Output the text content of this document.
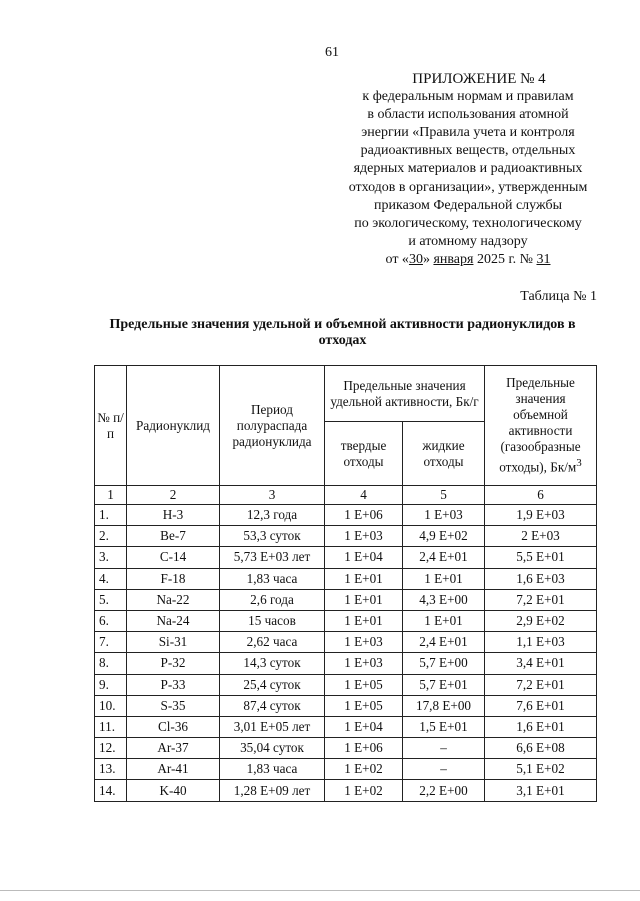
61
ПРИЛОЖЕНИЕ № 4
к федеральным нормам и правилам
в области использования атомной
энергии «Правила учета и контроля
радиоактивных веществ, отдельных
ядерных материалов и радиоактивных
отходов в организации», утвержденным
приказом Федеральной службы
по экологическому, технологическому
и атомному надзору
от «30» января 2025 г. № 31
Таблица № 1
Предельные значения удельной и объемной активности радионуклидов в отходах
№ п/п	Радионуклид	Период полураспада радионуклида	Предельные значения удельной активности, Бк/г		Предельные значения объемной активности (газообразные отходы), $Бк/м^3$
			твердые отходы	жидкие отходы	
1	2	3	4	5	6
1.	H-3	12,3 года	1 Е+06	1 Е+03	1,9 Е+03
2.	Be-7	53,3 суток	1 Е+03	4,9 Е+02	2 Е+03
3.	C-14	5,73 Е+03 лет	1 Е+04	2,4 Е+01	5,5 Е+01
4.	F-18	1,83 часа	1 Е+01	1 Е+01	1,6 Е+03
5.	Na-22	2,6 года	1 Е+01	4,3 Е+00	7,2 Е+01
6.	Na-24	15 часов	1 Е+01	1 Е+01	2,9 Е+02
7.	Si-31	2,62 часа	1 Е+03	2,4 Е+01	1,1 Е+03
8.	P-32	14,3 суток	1 Е+03	5,7 Е+00	3,4 Е+01
9.	P-33	25,4 суток	1 Е+05	5,7 Е+01	7,2 Е+01
10.	S-35	87,4 суток	1 Е+05	17,8 Е+00	7,6 Е+01
11.	Cl-36	3,01 Е+05 лет	1 Е+04	1,5 Е+01	1,6 Е+01
12.	Ar-37	35,04 суток	1 Е+06	–	6,6 Е+08
13.	Ar-41	1,83 часа	1 Е+02	–	5,1 Е+02
14.	K-40	1,28 Е+09 лет	1 Е+02	2,2 Е+00	3,1 Е+01
